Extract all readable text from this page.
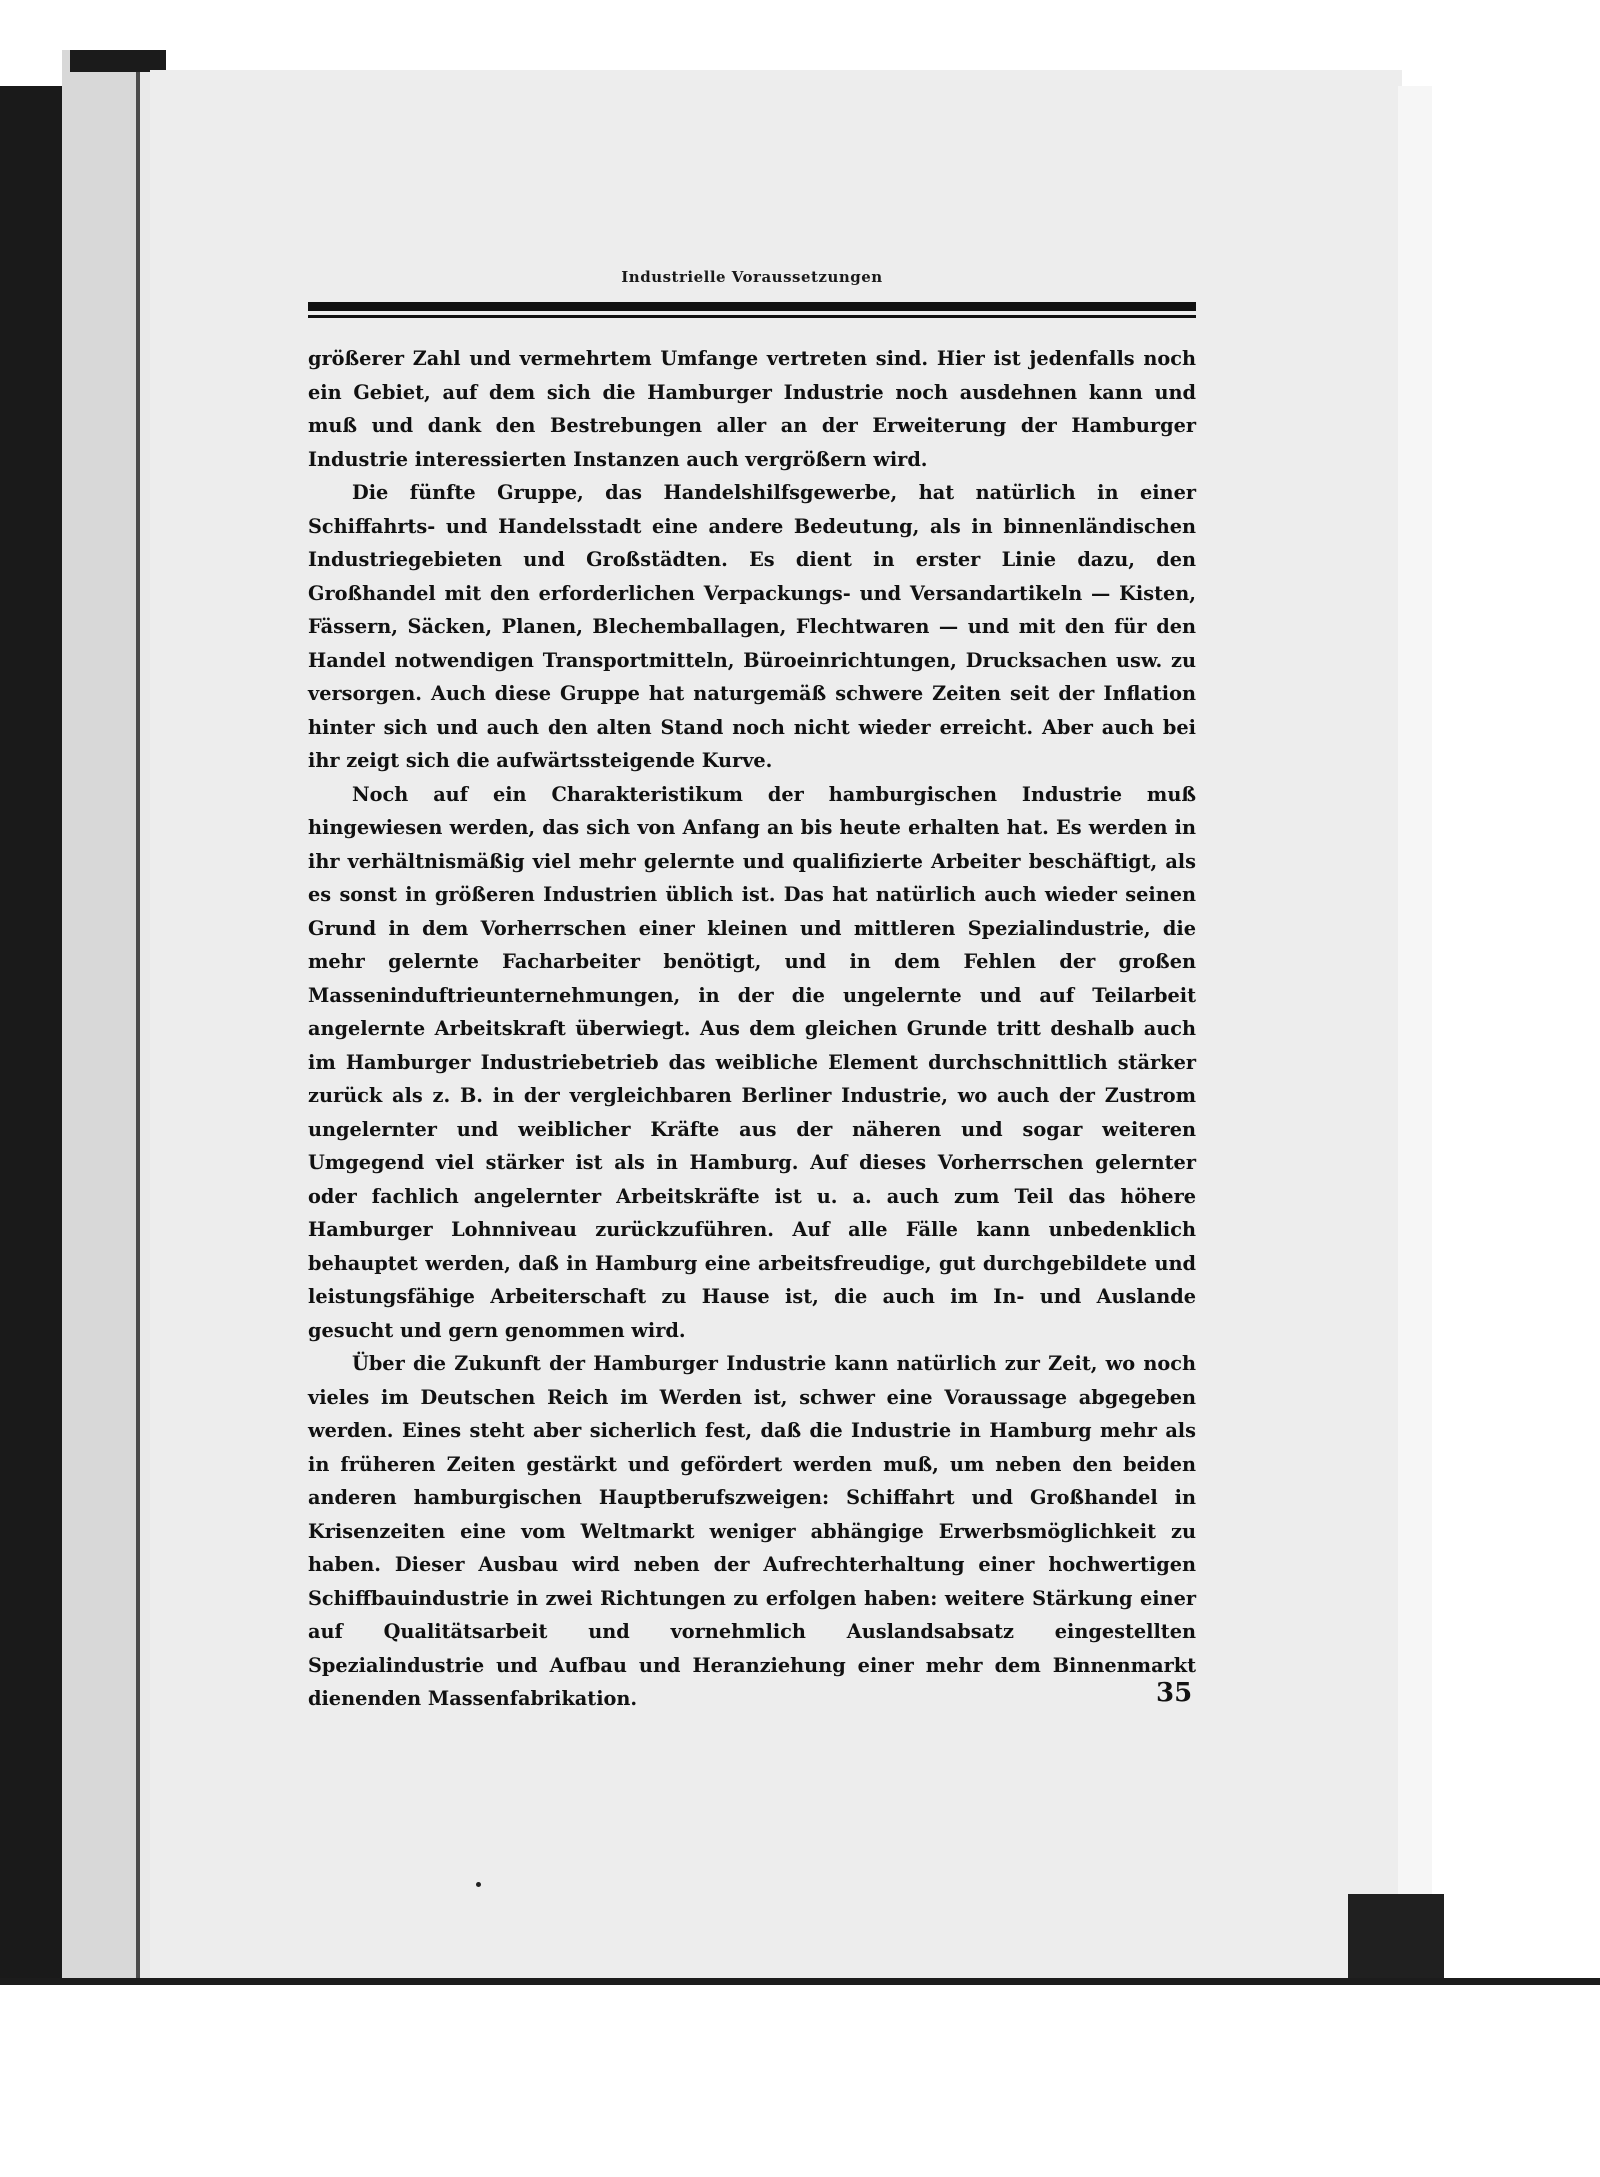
Industrielle Voraussetzungen

größerer Zahl und vermehrtem Umfange vertreten sind. Hier ist jedenfalls noch ein Gebiet, auf dem sich die Hamburger Industrie noch ausdehnen kann und muß und dank den Bestrebungen aller an der Erweiterung der Hamburger Industrie interessierten Instanzen auch vergrößern wird.

Die fünfte Gruppe, das Handelshilfsgewerbe, hat natürlich in einer Schiffahrts- und Handelsstadt eine andere Bedeutung, als in binnenländischen Industriegebieten und Großstädten. Es dient in erster Linie dazu, den Großhandel mit den erforderlichen Verpackungs- und Versandartikeln — Kisten, Fässern, Säcken, Planen, Blechemballagen, Flechtwaren — und mit den für den Handel notwendigen Transportmitteln, Büroeinrichtungen, Drucksachen usw. zu versorgen. Auch diese Gruppe hat naturgemäß schwere Zeiten seit der Inflation hinter sich und auch den alten Stand noch nicht wieder erreicht. Aber auch bei ihr zeigt sich die aufwärtssteigende Kurve.

Noch auf ein Charakteristikum der hamburgischen Industrie muß hingewiesen werden, das sich von Anfang an bis heute erhalten hat. Es werden in ihr verhältnismäßig viel mehr gelernte und qualifizierte Arbeiter beschäftigt, als es sonst in größeren Industrien üblich ist. Das hat natürlich auch wieder seinen Grund in dem Vorherrschen einer kleinen und mittleren Spezialindustrie, die mehr gelernte Facharbeiter benötigt, und in dem Fehlen der großen Masseninduftrieunternehmungen, in der die ungelernte und auf Teilarbeit angelernte Arbeitskraft überwiegt. Aus dem gleichen Grunde tritt deshalb auch im Hamburger Industriebetrieb das weibliche Element durchschnittlich stärker zurück als z. B. in der vergleichbaren Berliner Industrie, wo auch der Zustrom ungelernter und weiblicher Kräfte aus der näheren und sogar weiteren Umgegend viel stärker ist als in Hamburg. Auf dieses Vorherrschen gelernter oder fachlich angelernter Arbeitskräfte ist u. a. auch zum Teil das höhere Hamburger Lohnniveau zurückzuführen. Auf alle Fälle kann unbedenklich behauptet werden, daß in Hamburg eine arbeitsfreudige, gut durchgebildete und leistungsfähige Arbeiterschaft zu Hause ist, die auch im In- und Auslande gesucht und gern genommen wird.

Über die Zukunft der Hamburger Industrie kann natürlich zur Zeit, wo noch vieles im Deutschen Reich im Werden ist, schwer eine Voraussage abgegeben werden. Eines steht aber sicherlich fest, daß die Industrie in Hamburg mehr als in früheren Zeiten gestärkt und gefördert werden muß, um neben den beiden anderen hamburgischen Hauptberufszweigen: Schiffahrt und Großhandel in Krisenzeiten eine vom Weltmarkt weniger abhängige Erwerbsmöglichkeit zu haben. Dieser Ausbau wird neben der Aufrechterhaltung einer hochwertigen Schiffbauindustrie in zwei Richtungen zu erfolgen haben: weitere Stärkung einer auf Qualitätsarbeit und vornehmlich Auslandsabsatz eingestellten Spezialindustrie und Aufbau und Heranziehung einer mehr dem Binnenmarkt dienenden Massenfabrikation.	35
